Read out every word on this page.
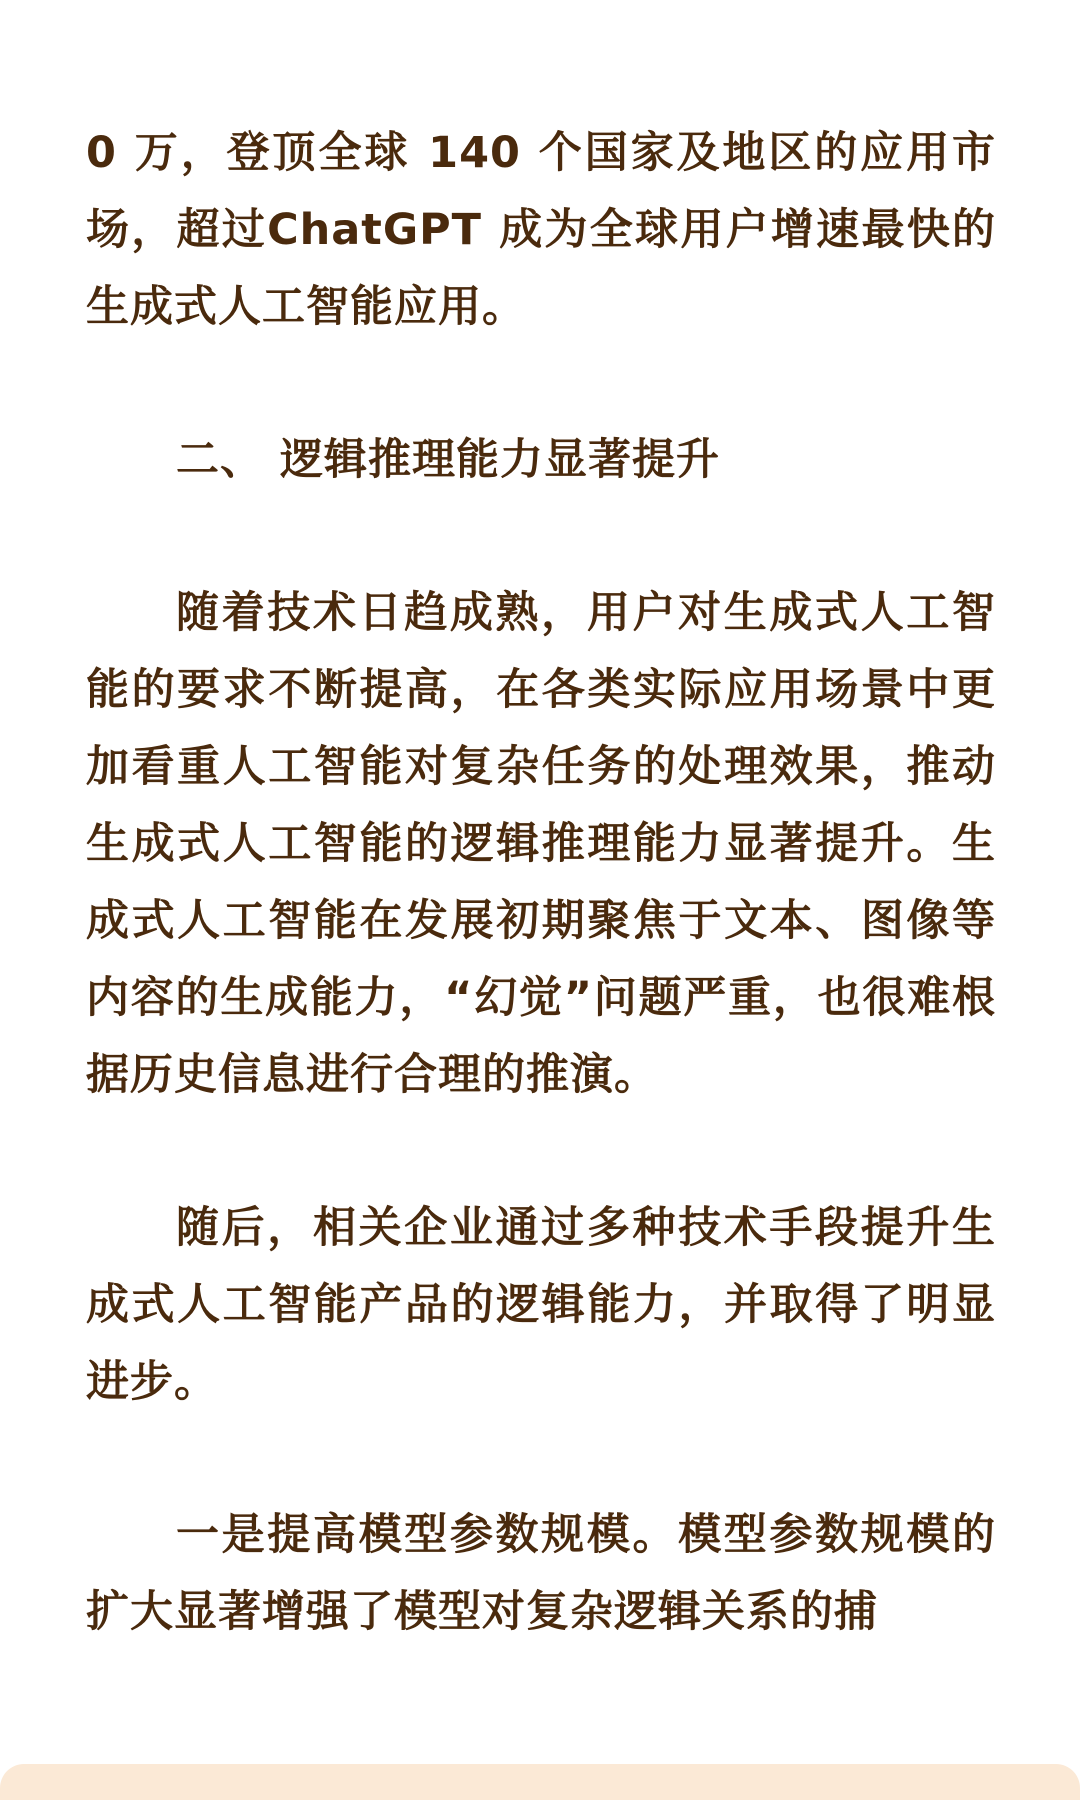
0 万，登顶全球 140 个国家及地区的应用市场，超过ChatGPT 成为全球用户增速最快的生成式人工智能应用。

二、 逻辑推理能力显著提升

随着技术日趋成熟，用户对生成式人工智能的要求不断提高，在各类实际应用场景中更加看重人工智能对复杂任务的处理效果，推动生成式人工智能的逻辑推理能力显著提升。生成式人工智能在发展初期聚焦于文本、图像等内容的生成能力，“幻觉”问题严重，也很难根据历史信息进行合理的推演。

随后，相关企业通过多种技术手段提升生成式人工智能产品的逻辑能力，并取得了明显进步。

一是提高模型参数规模。模型参数规模的扩大显著增强了模型对复杂逻辑关系的捕
